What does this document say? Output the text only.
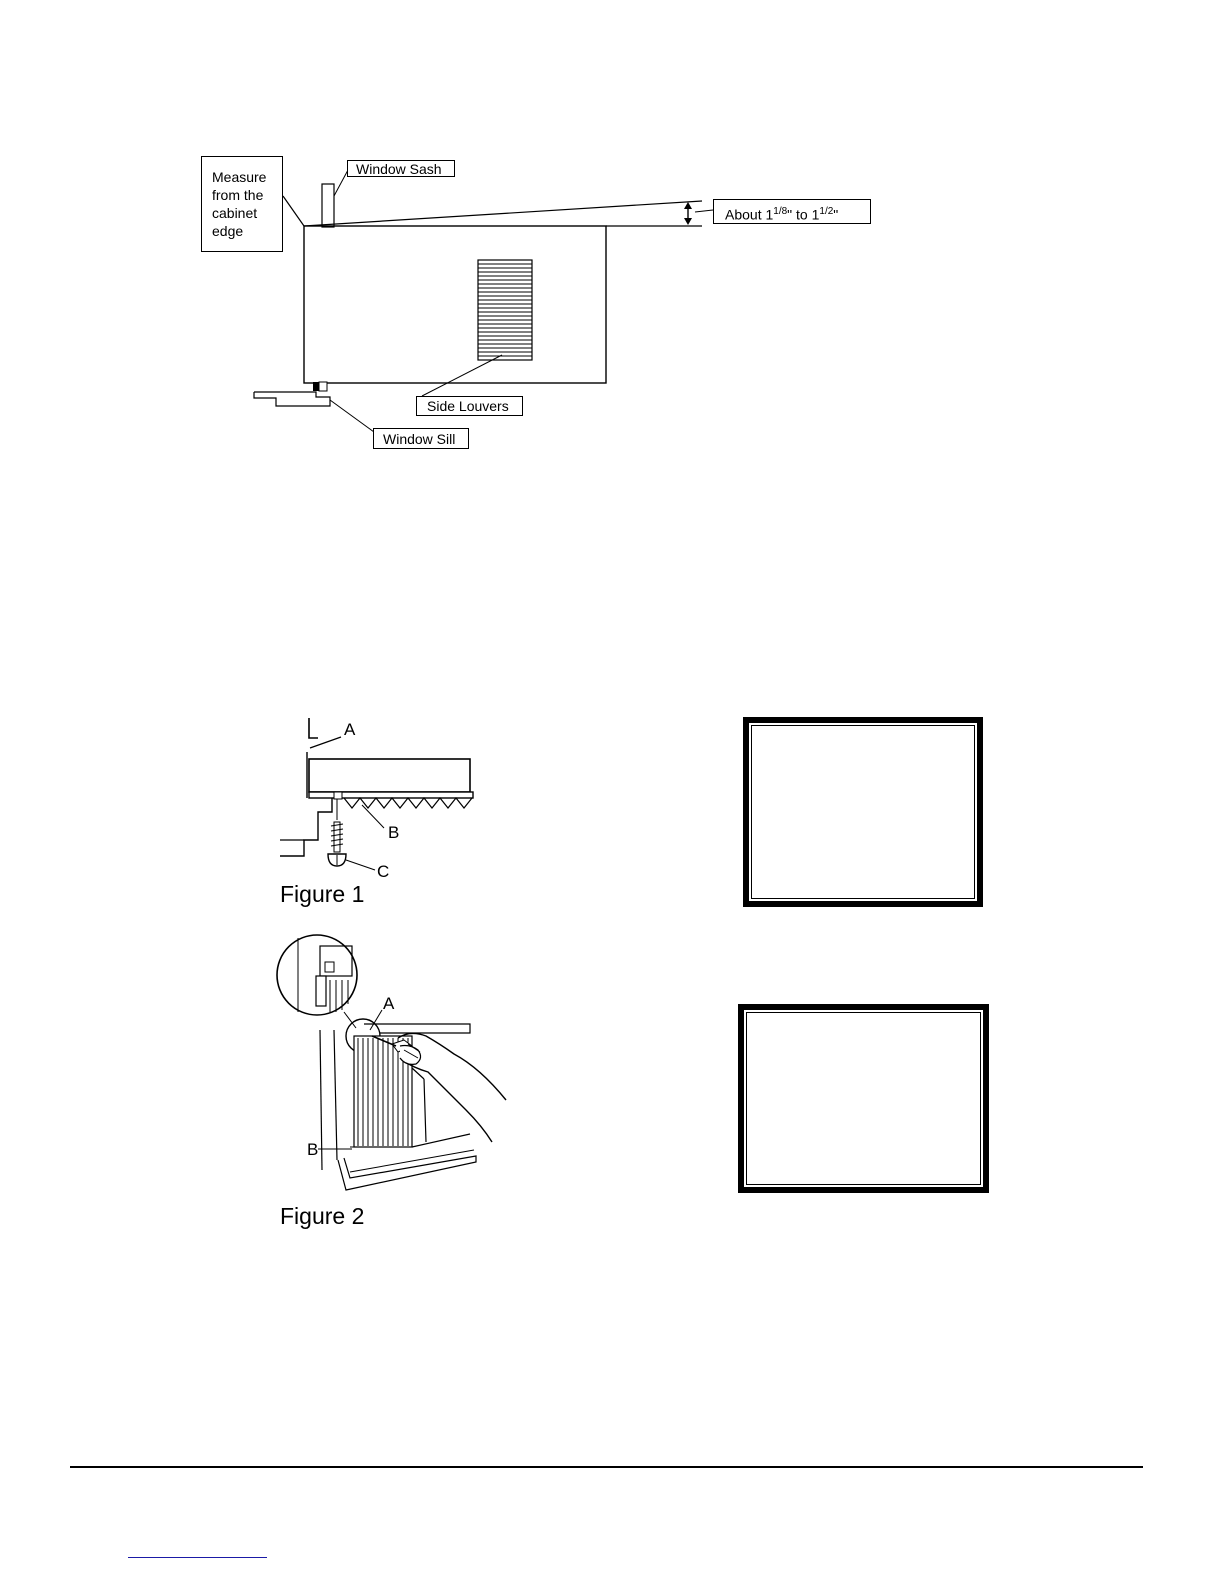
Measure
from the
cabinet
edge
Window Sash
About $1^{1/8}$" to $1^{1/2}$"
Side Louvers
Window Sill
A
B
C
Figure 1
A
B
Figure 2
